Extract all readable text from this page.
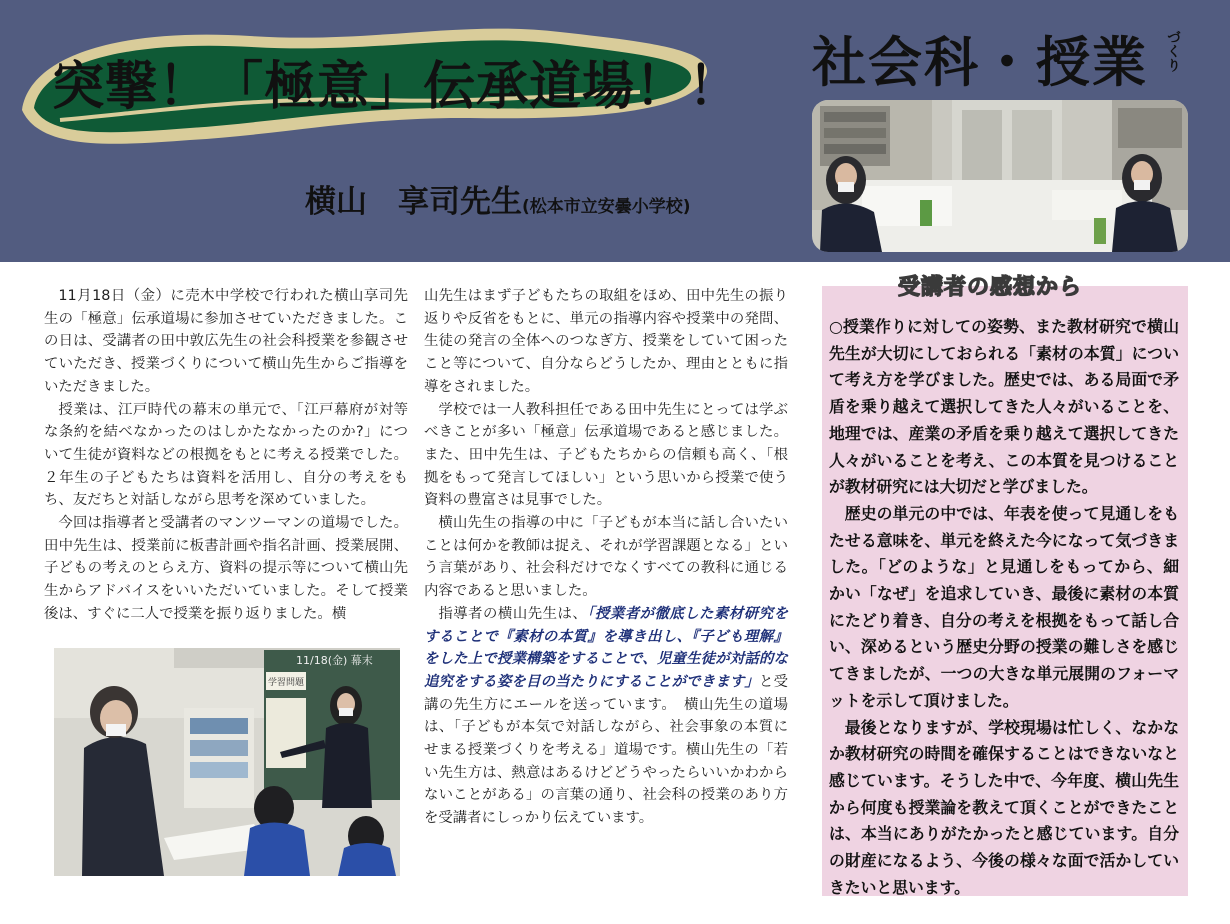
突撃！「極意」伝承道場！！
横山　享司先生(松本市立安曇小学校)
社会科・授業 づくり

11月18日（金）に売木中学校で行われた横山享司先生の「極意」伝承道場に参加させていただきました。この日は、受講者の田中敦広先生の社会科授業を参観させていただき、授業づくりについて横山先生からご指導をいただきました。

授業は、江戸時代の幕末の単元で、「江戸幕府が対等な条約を結べなかったのはしかたなかったのか?」について生徒が資料などの根拠をもとに考える授業でした。２年生の子どもたちは資料を活用し、自分の考えをもち、友だちと対話しながら思考を深めていました。

今回は指導者と受講者のマンツーマンの道場でした。田中先生は、授業前に板書計画や指名計画、授業展開、子どもの考えのとらえ方、資料の提示等について横山先生からアドバイスをいいただいていました。そして授業後は、すぐに二人で授業を振り返りました。横

山先生はまず子どもたちの取組をほめ、田中先生の振り返りや反省をもとに、単元の指導内容や授業中の発問、生徒の発言の全体へのつなぎ方、授業をしていて困ったこと等について、自分ならどうしたか、理由とともに指導をされました。

学校では一人教科担任である田中先生にとっては学ぶべきことが多い「極意」伝承道場であると感じました。また、田中先生は、子どもたちからの信頼も高く、「根拠をもって発言してほしい」という思いから授業で使う資料の豊富さは見事でした。

横山先生の指導の中に「子どもが本当に話し合いたいことは何かを教師は捉え、それが学習課題となる」という言葉があり、社会科だけでなくすべての教科に通じる内容であると思いました。

指導者の横山先生は、「授業者が徹底した素材研究をすることで『素材の本質』を導き出し、『子ども理解』をした上で授業構築をすることで、児童生徒が対話的な追究をする姿を目の当たりにすることができます」と受講の先生方にエールを送っています。　横山先生の道場は、「子どもが本気で対話しながら、社会事象の本質にせまる授業づくりを考える」道場です。横山先生の「若い先生方は、熱意はあるけどどうやったらいいかわからないことがある」の言葉の通り、社会科の授業のあり方を受講者にしっかり伝えています。

11/18(金) 幕末
学習問題
受講者の感想から

○授業作りに対しての姿勢、また教材研究で横山先生が大切にしておられる「素材の本質」について考え方を学びました。歴史では、ある局面で矛盾を乗り越えて選択してきた人々がいることを、地理では、産業の矛盾を乗り越えて選択してきた人々がいることを考え、この本質を見つけることが教材研究には大切だと学びました。

歴史の単元の中では、年表を使って見通しをもたせる意味を、単元を終えた今になって気づきました。「どのような」と見通しをもってから、細かい「なぜ」を追求していき、最後に素材の本質にたどり着き、自分の考えを根拠をもって話し合い、深めるという歴史分野の授業の難しさを感じてきましたが、一つの大きな単元展開のフォーマットを示して頂けました。

最後となりますが、学校現場は忙しく、なかなか教材研究の時間を確保することはできないなと感じています。そうした中で、今年度、横山先生から何度も授業論を教えて頂くことができたことは、本当にありがたかったと感じています。自分の財産になるよう、今後の様々な面で活かしていきたいと思います。
